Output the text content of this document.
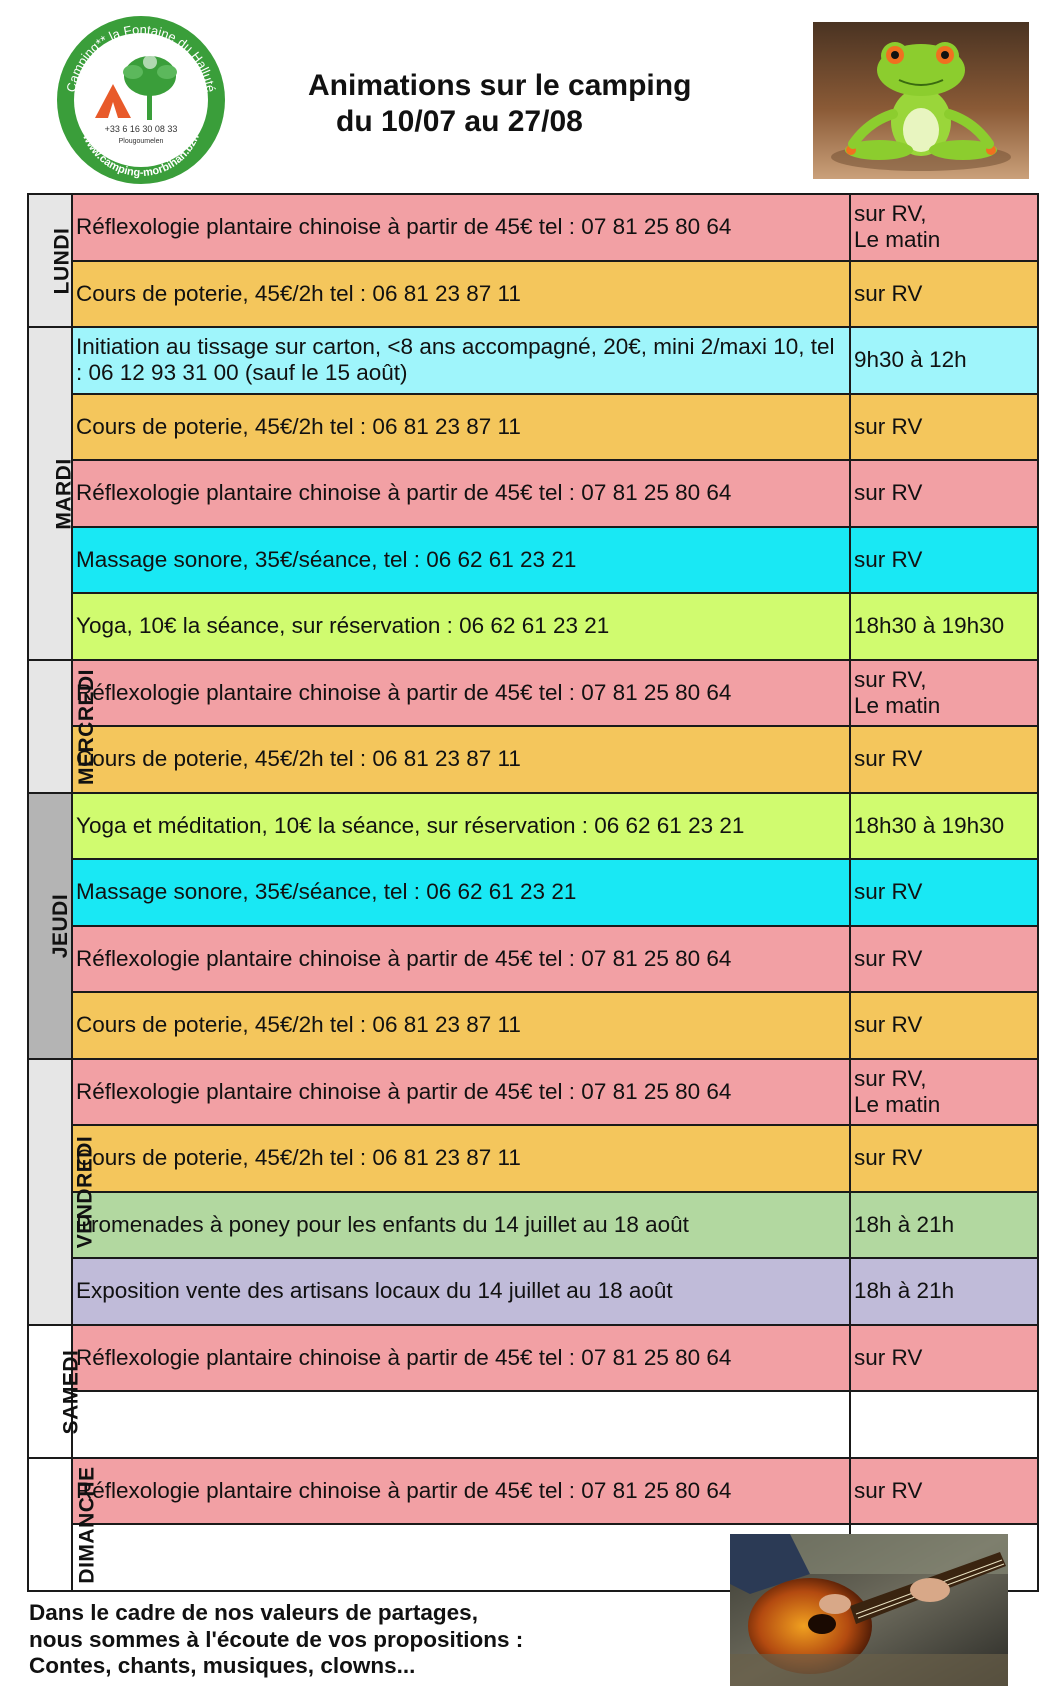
Camping** la Fontaine du Halluté
www.camping-morbihan.bzh
+33 6 16 30 08 33
Plougoumelen
Animations sur le camping
du 10/07 au 27/08
LUNDI	Réflexologie plantaire chinoise à partir de 45€ tel : 07 81 25 80 64	sur RV,
Le matin
	Cours de poterie, 45€/2h tel : 06 81 23 87 11	sur RV
MARDI	Initiation au tissage sur carton, <8 ans accompagné, 20€, mini 2/maxi 10, tel : 06 12 93 31 00 (sauf le 15 août)	9h30 à 12h
	Cours de poterie, 45€/2h tel : 06 81 23 87 11	sur RV
	Réflexologie plantaire chinoise à partir de 45€ tel : 07 81 25 80 64	sur RV
	Massage sonore, 35€/séance, tel : 06 62 61 23 21	sur RV
	Yoga, 10€ la séance, sur réservation : 06 62 61 23 21	18h30 à 19h30
MERCREDI	Réflexologie plantaire chinoise à partir de 45€ tel : 07 81 25 80 64	sur RV,
Le matin
	Cours de poterie, 45€/2h tel : 06 81 23 87 11	sur RV
JEUDI	Yoga et méditation, 10€ la séance, sur réservation : 06 62 61 23 21	18h30 à 19h30
	Massage sonore, 35€/séance, tel : 06 62 61 23 21	sur RV
	Réflexologie plantaire chinoise à partir de 45€ tel : 07 81 25 80 64	sur RV
	Cours de poterie, 45€/2h tel : 06 81 23 87 11	sur RV
VENDREDI	Réflexologie plantaire chinoise à partir de 45€ tel : 07 81 25 80 64	sur RV,
Le matin
	Cours de poterie, 45€/2h tel : 06 81 23 87 11	sur RV
	Promenades à poney pour les enfants du 14 juillet au 18 août	18h à 21h
	Exposition vente des artisans locaux du 14 juillet au 18 août	18h à 21h
SAMEDI	Réflexologie plantaire chinoise à partir de 45€ tel : 07 81 25 80 64	sur RV

DIMANCHE	Réflexologie plantaire chinoise à partir de 45€ tel : 07 81 25 80 64	sur RV

Dans le cadre de nos valeurs de partages,
nous sommes à l'écoute de vos propositions :
Contes, chants, musiques, clowns...
